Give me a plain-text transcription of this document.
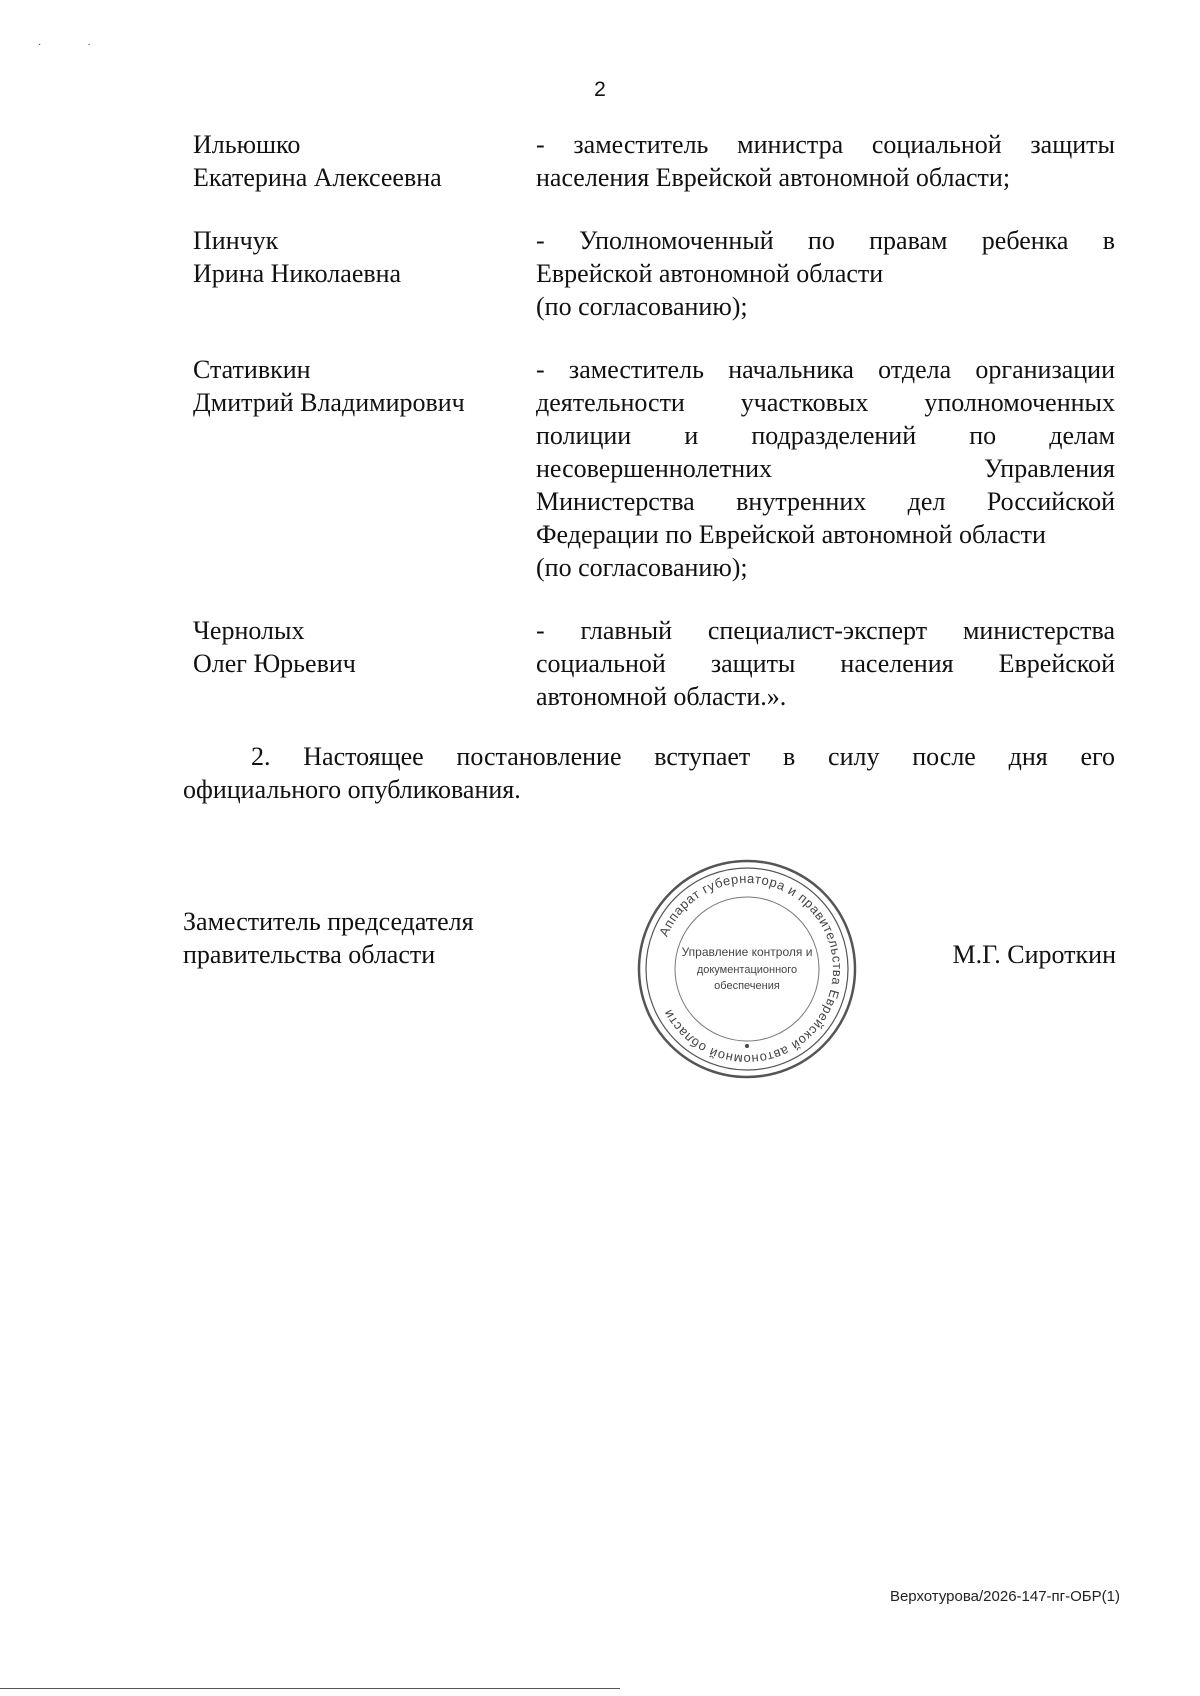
··
2
Ильюшко
Екатерина Алексеевна
- заместитель министра социальной защиты
населения Еврейской автономной области;
Пинчук
Ирина Николаевна
- Уполномоченный по правам ребенка в
Еврейской автономной области
(по согласованию);
Стативкин
Дмитрий Владимирович
- заместитель начальника отдела организации
деятельности участковых уполномоченных
полиции и подразделений по делам
несовершеннолетних Управления
Министерства внутренних дел Российской
Федерации по Еврейской автономной области
(по согласованию);
Чернолых
Олег Юрьевич
- главный специалист-эксперт министерства
социальной защиты населения Еврейской
автономной области.».
2. Настоящее постановление вступает в силу после дня его
официального опубликования.
Заместитель председателя
правительства области	М.Г. Сироткин
Аппарат губернатора и правительства Еврейской автономной области
Управление контроля и
документационного
обеспечения
Верхотурова/2026-147-пг-ОБР(1)
